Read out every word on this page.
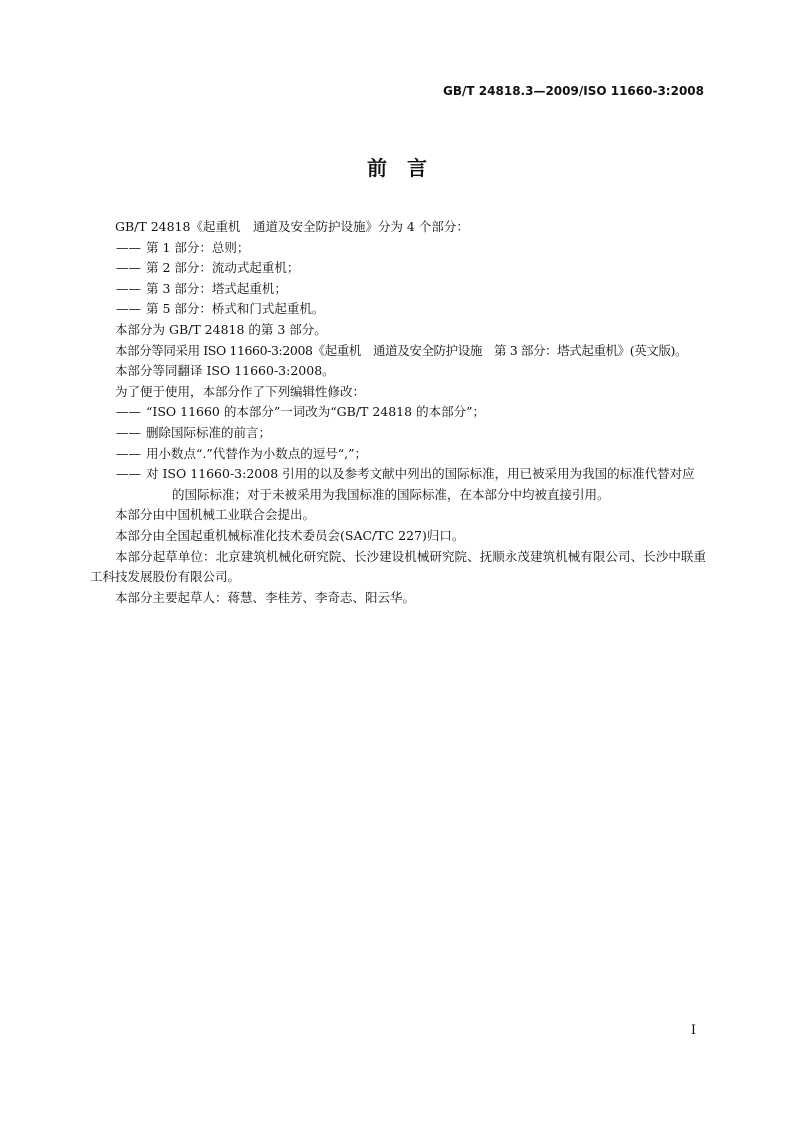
GB/T 24818.3—2009/ISO 11660-3:2008
前　言

GB/T 24818《起重机　通道及安全防护设施》分为 4 个部分：

—— 第 1 部分：总则；
—— 第 2 部分：流动式起重机；
—— 第 3 部分：塔式起重机；
—— 第 5 部分：桥式和门式起重机。

本部分为 GB/T 24818 的第 3 部分。

本部分等同采用 ISO 11660-3:2008《起重机　通道及安全防护设施　第 3 部分：塔式起重机》(英文版)。

本部分等同翻译 ISO 11660-3:2008。

为了便于使用，本部分作了下列编辑性修改：

—— “ISO 11660 的本部分”一词改为“GB/T 24818 的本部分”；
—— 删除国际标准的前言；
—— 用小数点“.”代替作为小数点的逗号“,”；
—— 对 ISO 11660-3:2008 引用的以及参考文献中列出的国际标准，用已被采用为我国的标准代替对应的国际标准；对于未被采用为我国标准的国际标准，在本部分中均被直接引用。

本部分由中国机械工业联合会提出。

本部分由全国起重机械标准化技术委员会(SAC/TC 227)归口。

本部分起草单位：北京建筑机械化研究院、长沙建设机械研究院、抚顺永茂建筑机械有限公司、长沙中联重工科技发展股份有限公司。

本部分主要起草人：蒋慧、李桂芳、李奇志、阳云华。

I
